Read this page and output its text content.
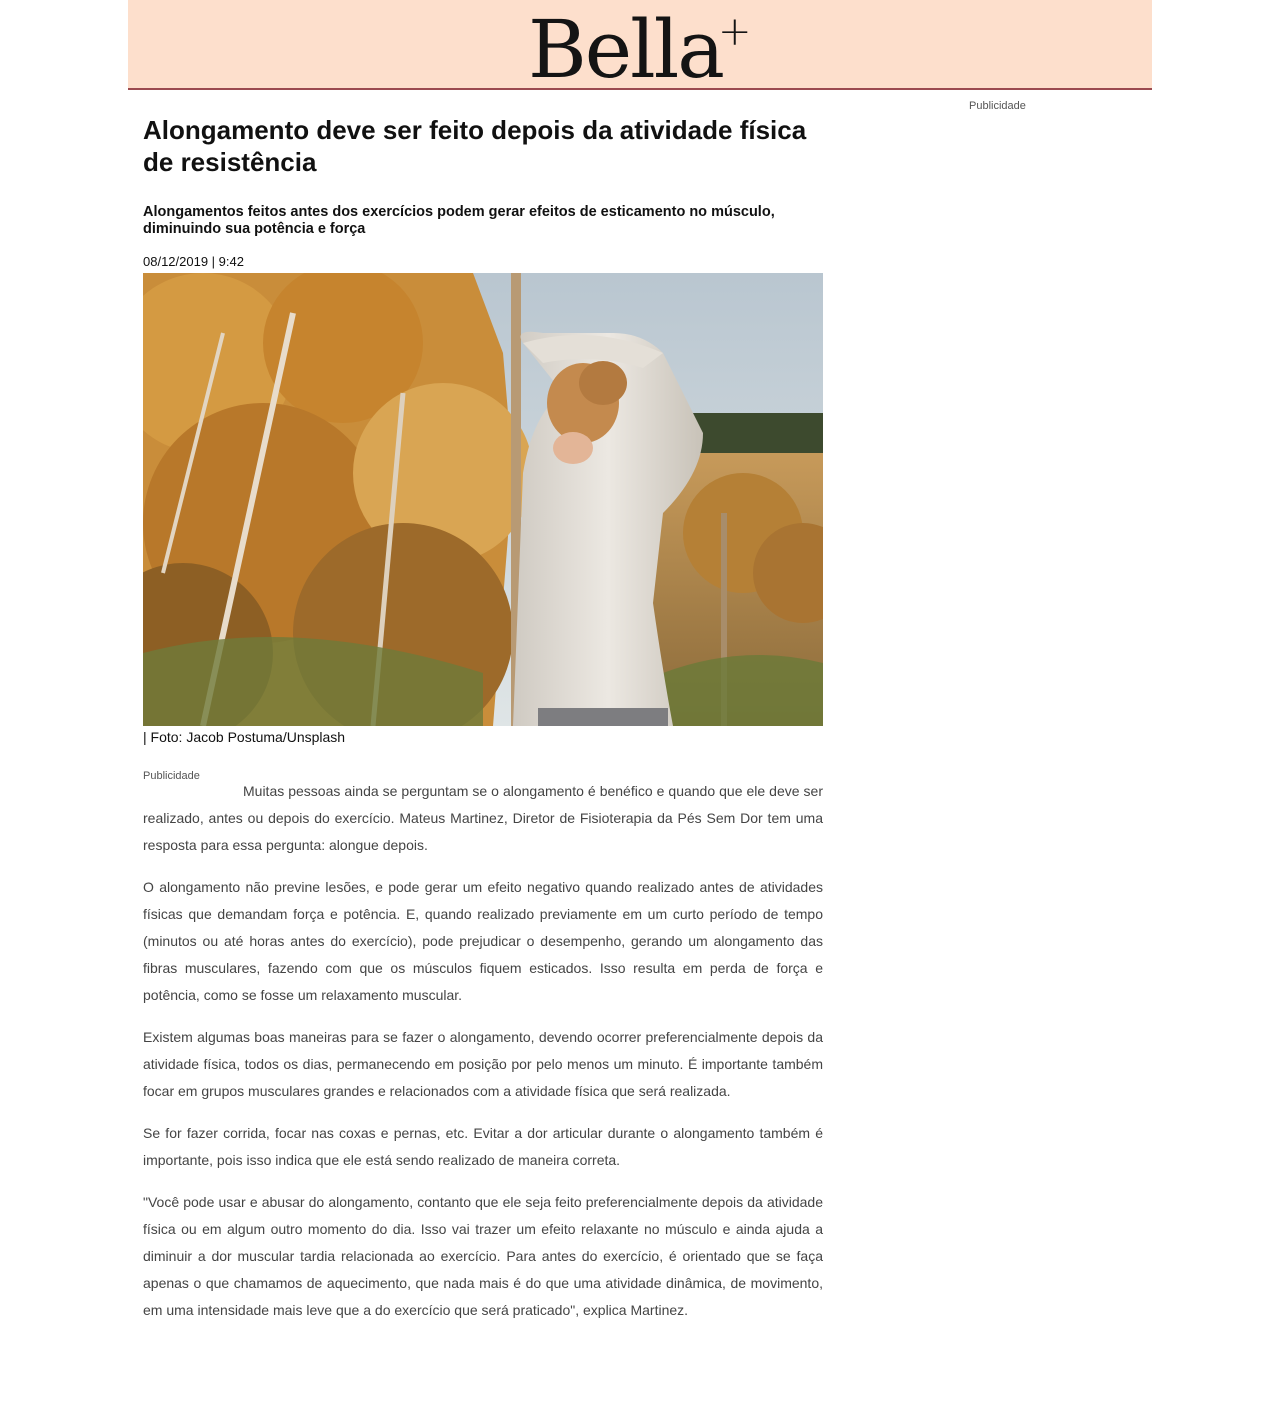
Bella
+
Publicidade
Alongamento deve ser feito depois da atividade física de resistência
Alongamentos feitos antes dos exercícios podem gerar efeitos de esticamento no músculo, diminuindo sua potência e força
08/12/2019 | 9:42
| Foto: Jacob Postuma/Unsplash
Publicidade

Muitas pessoas ainda se perguntam se o alongamento é benéfico e quando que ele deve ser realizado, antes ou depois do exercício. Mateus Martinez, Diretor de Fisioterapia da Pés Sem Dor tem uma resposta para essa pergunta: alongue depois.

O alongamento não previne lesões, e pode gerar um efeito negativo quando realizado antes de atividades físicas que demandam força e potência. E, quando realizado previamente em um curto período de tempo (minutos ou até horas antes do exercício), pode prejudicar o desempenho, gerando um alongamento das fibras musculares, fazendo com que os músculos fiquem esticados. Isso resulta em perda de força e potência, como se fosse um relaxamento muscular.

Existem algumas boas maneiras para se fazer o alongamento, devendo ocorrer preferencialmente depois da atividade física, todos os dias, permanecendo em posição por pelo menos um minuto. É importante também focar em grupos musculares grandes e relacionados com a atividade física que será realizada.

Se for fazer corrida, focar nas coxas e pernas, etc. Evitar a dor articular durante o alongamento também é importante, pois isso indica que ele está sendo realizado de maneira correta.

"Você pode usar e abusar do alongamento, contanto que ele seja feito preferencialmente depois da atividade física ou em algum outro momento do dia. Isso vai trazer um efeito relaxante no músculo e ainda ajuda a diminuir a dor muscular tardia relacionada ao exercício. Para antes do exercício, é orientado que se faça apenas o que chamamos de aquecimento, que nada mais é do que uma atividade dinâmica, de movimento, em uma intensidade mais leve que a do exercício que será praticado", explica Martinez.
